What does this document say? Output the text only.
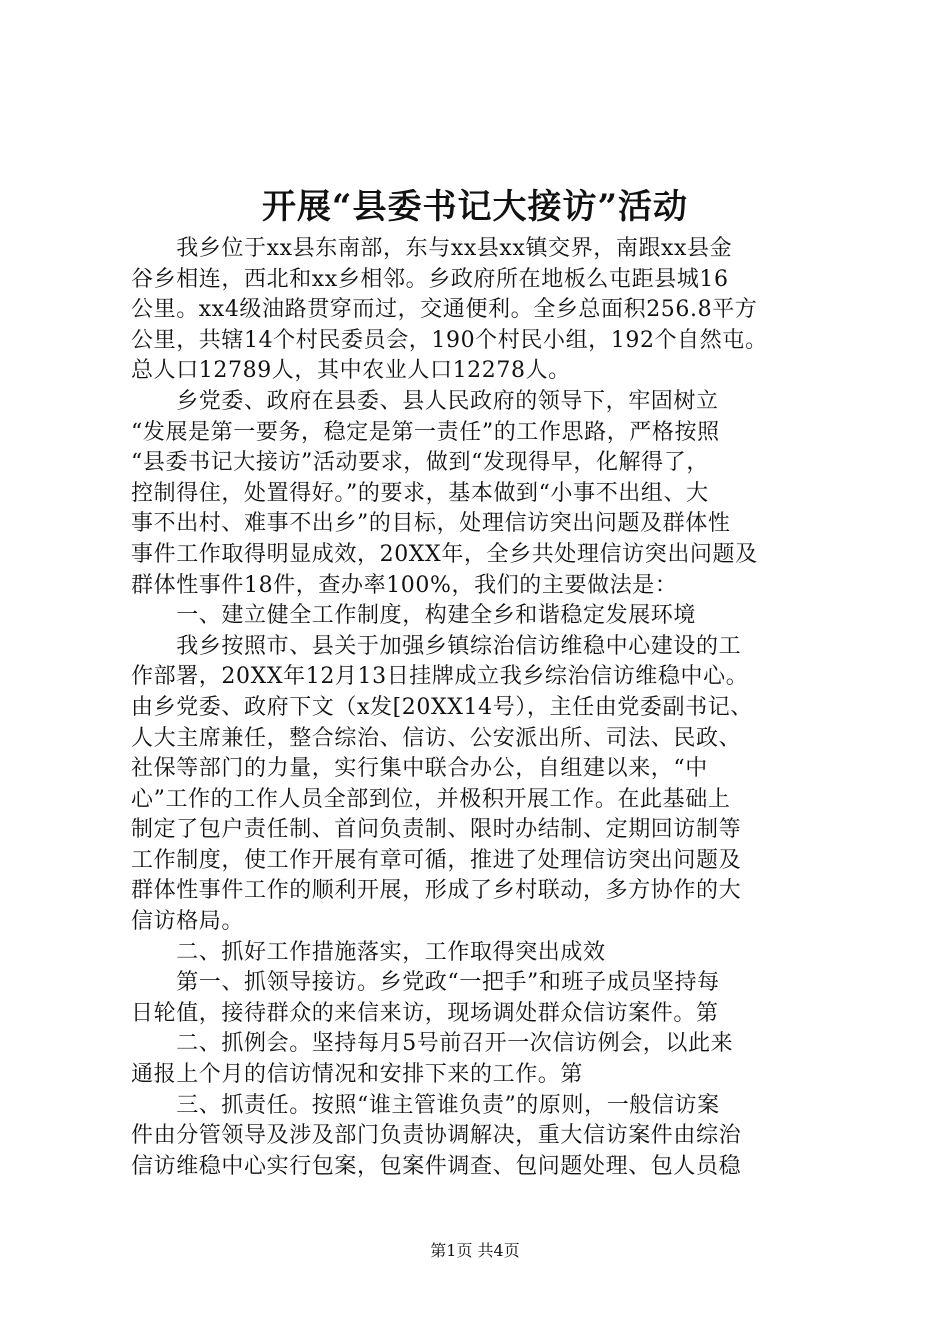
开展“县委书记大接访”活动
　　我乡位于xx县东南部，东与xx县xx镇交界，南跟xx县金
谷乡相连，西北和xx乡相邻。乡政府所在地板么屯距县城16
公里。xx4级油路贯穿而过，交通便利。全乡总面积256.8平方
公里，共辖14个村民委员会，190个村民小组，192个自然屯。
总人口12789人，其中农业人口12278人。
　　乡党委、政府在县委、县人民政府的领导下，牢固树立
“发展是第一要务，稳定是第一责任”的工作思路，严格按照
“县委书记大接访”活动要求，做到“发现得早，化解得了，
控制得住，处置得好。”的要求，基本做到“小事不出组、大
事不出村、难事不出乡”的目标，处理信访突出问题及群体性
事件工作取得明显成效，20XX年，全乡共处理信访突出问题及
群体性事件18件，查办率100%，我们的主要做法是：
　　一、建立健全工作制度，构建全乡和谐稳定发展环境
　　我乡按照市、县关于加强乡镇综治信访维稳中心建设的工
作部署，20XX年12月13日挂牌成立我乡综治信访维稳中心。
由乡党委、政府下文（x发[20XX14号），主任由党委副书记、
人大主席兼任，整合综治、信访、公安派出所、司法、民政、
社保等部门的力量，实行集中联合办公，自组建以来，“中
心”工作的工作人员全部到位，并极积开展工作。在此基础上
制定了包户责任制、首问负责制、限时办结制、定期回访制等
工作制度，使工作开展有章可循，推进了处理信访突出问题及
群体性事件工作的顺利开展，形成了乡村联动，多方协作的大
信访格局。
　　二、抓好工作措施落实，工作取得突出成效
　　第一、抓领导接访。乡党政“一把手”和班子成员坚持每
日轮值，接待群众的来信来访，现场调处群众信访案件。第
　　二、抓例会。坚持每月5号前召开一次信访例会，以此来
通报上个月的信访情况和安排下来的工作。第
　　三、抓责任。按照“谁主管谁负责”的原则，一般信访案
件由分管领导及涉及部门负责协调解决，重大信访案件由综治
信访维稳中心实行包案，包案件调查、包问题处理、包人员稳
第1页 共4页
